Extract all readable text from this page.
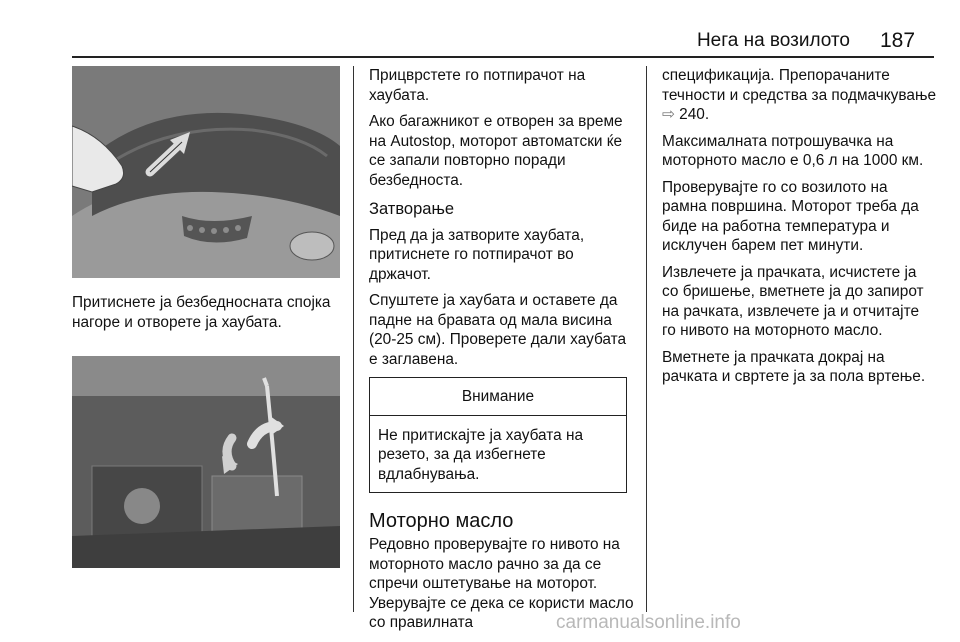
Нега на возилото 187
Притиснете ја безбедносната спојка нагоре и отворете ја хаубата.

Прицврстете го потпирачот на хаубата.

Ако багажникот е отворен за време на Autostop, моторот автоматски ќе се запали повторно поради безбедноста.

Затворање

Пред да ја затворите хаубата, притиснете го потпирачот во држачот.

Спуштете ја хаубата и оставете да падне на бравата од мала висина (20-25 см). Проверете дали хаубата е заглавена.

Внимание
Не притискајте ја хаубата на резето, за да избегнете вдлабнувања.
Моторно масло

Редовно проверувајте го нивото на моторното масло рачно за да се спречи оштетување на моторот. Уверувајте се дека се користи масло со правилната

спецификација. Препорачаните течности и средства за подмачкување ⇨ 240.

Максималната потрошувачка на моторното масло е 0,6 л на 1000 км.

Проверувајте го со возилото на рамна површина. Моторот треба да биде на работна температура и исклучен барем пет минути.

Извлечете ја прачката, исчистете ја со бришење, вметнете ја до запирот на рачката, извлечете ја и отчитајте го нивото на моторното масло.

Вметнете ја прачката докрај на рачката и свртете ја за пола вртење.

carmanualsonline.info
